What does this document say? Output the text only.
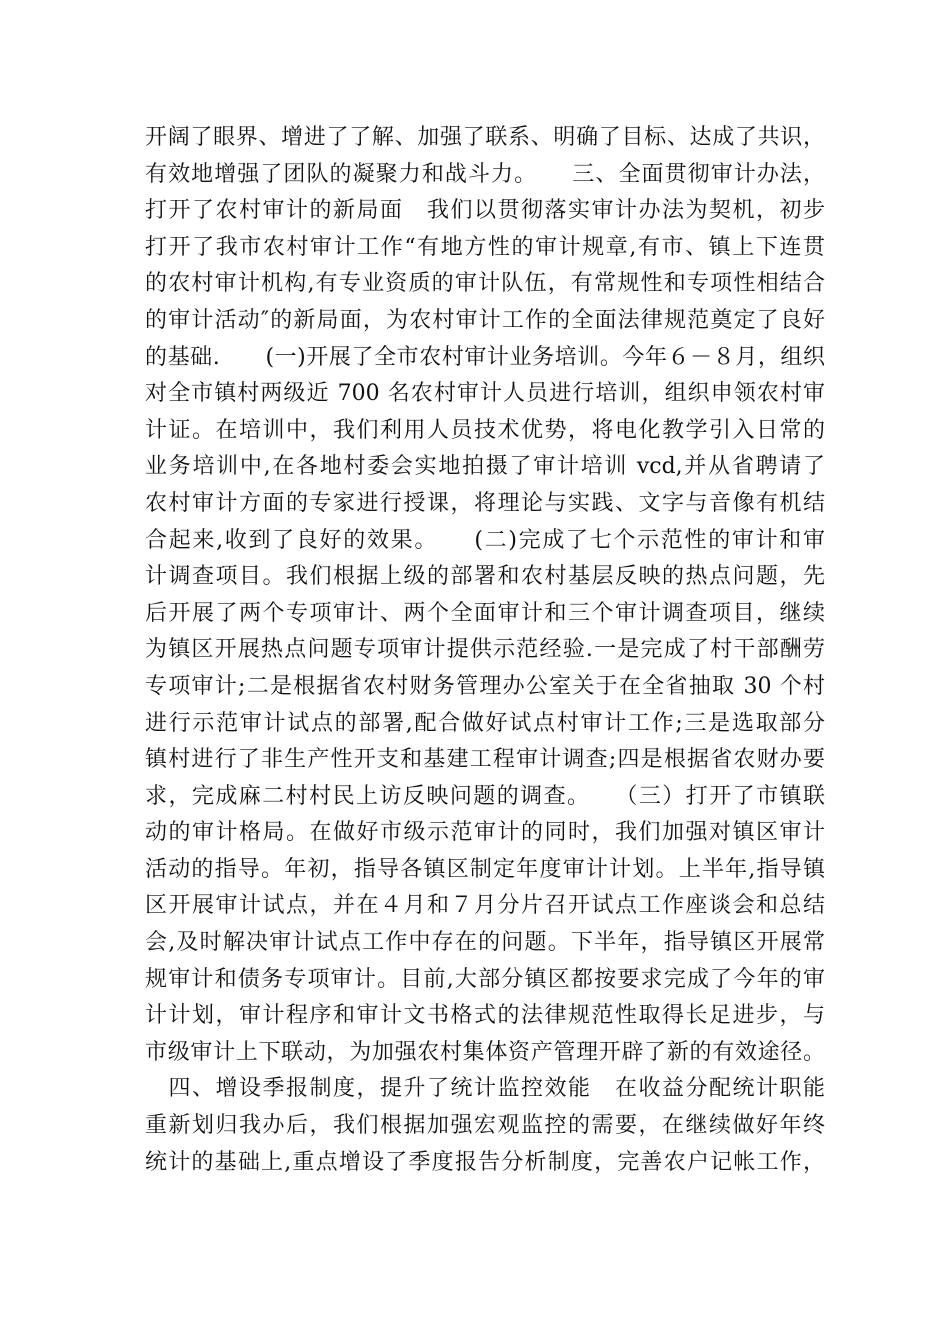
开阔了眼界、增进了了解、加强了联系、明确了目标、达成了共识，
有效地增强了团队的凝聚力和战斗力。　　三、全面贯彻审计办法，
打开了农村审计的新局面　我们以贯彻落实审计办法为契机，初步
打开了我市农村审计工作“有地方性的审计规章,有市、镇上下连贯
的农村审计机构,有专业资质的审计队伍，有常规性和专项性相结合
的审计活动″的新局面，为农村审计工作的全面法律规范奠定了良好
的基础.　　(一)开展了全市农村审计业务培训。今年６－８月，组织
对全市镇村两级近 700 名农村审计人员进行培训，组织申领农村审
计证。在培训中，我们利用人员技术优势，将电化教学引入日常的
业务培训中,在各地村委会实地拍摄了审计培训 vcd,并从省聘请了
农村审计方面的专家进行授课，将理论与实践、文字与音像有机结
合起来,收到了良好的效果。　　(二)完成了七个示范性的审计和审
计调查项目。我们根据上级的部署和农村基层反映的热点问题，先
后开展了两个专项审计、两个全面审计和三个审计调查项目，继续
为镇区开展热点问题专项审计提供示范经验.一是完成了村干部酬劳
专项审计;二是根据省农村财务管理办公室关于在全省抽取 30 个村
进行示范审计试点的部署,配合做好试点村审计工作;三是选取部分
镇村进行了非生产性开支和基建工程审计调查;四是根据省农财办要
求，完成麻二村村民上访反映问题的调查。　　（三）打开了市镇联
动的审计格局。在做好市级示范审计的同时，我们加强对镇区审计
活动的指导。年初，指导各镇区制定年度审计计划。上半年,指导镇
区开展审计试点，并在４月和７月分片召开试点工作座谈会和总结
会,及时解决审计试点工作中存在的问题。下半年，指导镇区开展常
规审计和债务专项审计。目前,大部分镇区都按要求完成了今年的审
计计划，审计程序和审计文书格式的法律规范性取得长足进步，与
市级审计上下联动，为加强农村集体资产管理开辟了新的有效途径。
　四、增设季报制度，提升了统计监控效能　在收益分配统计职能
重新划归我办后，我们根据加强宏观监控的需要，在继续做好年终
统计的基础上,重点增设了季度报告分析制度，完善农户记帐工作，
